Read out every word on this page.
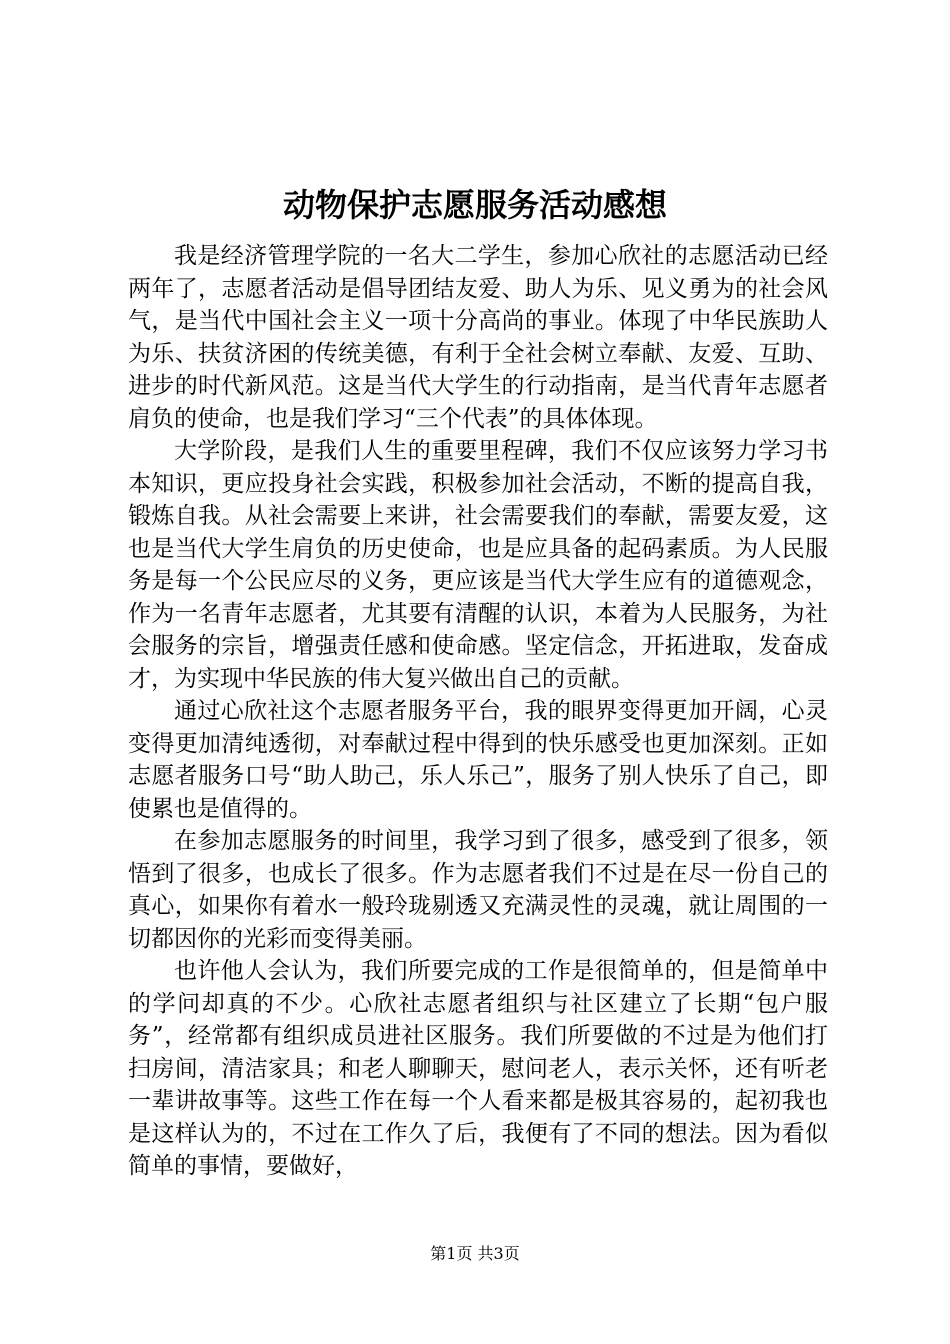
动物保护志愿服务活动感想

我是经济管理学院的一名大二学生，参加心欣社的志愿活动已经两年了，志愿者活动是倡导团结友爱、助人为乐、见义勇为的社会风气，是当代中国社会主义一项十分高尚的事业。体现了中华民族助人为乐、扶贫济困的传统美德，有利于全社会树立奉献、友爱、互助、进步的时代新风范。这是当代大学生的行动指南，是当代青年志愿者肩负的使命，也是我们学习“三个代表”的具体体现。

大学阶段，是我们人生的重要里程碑，我们不仅应该努力学习书本知识，更应投身社会实践，积极参加社会活动，不断的提高自我，锻炼自我。从社会需要上来讲，社会需要我们的奉献，需要友爱，这也是当代大学生肩负的历史使命，也是应具备的起码素质。为人民服务是每一个公民应尽的义务，更应该是当代大学生应有的道德观念，作为一名青年志愿者，尤其要有清醒的认识，本着为人民服务，为社会服务的宗旨，增强责任感和使命感。坚定信念，开拓进取，发奋成才，为实现中华民族的伟大复兴做出自己的贡献。

通过心欣社这个志愿者服务平台，我的眼界变得更加开阔，心灵变得更加清纯透彻，对奉献过程中得到的快乐感受也更加深刻。正如志愿者服务口号“助人助己，乐人乐己”，服务了别人快乐了自己，即使累也是值得的。

在参加志愿服务的时间里，我学习到了很多，感受到了很多，领悟到了很多，也成长了很多。作为志愿者我们不过是在尽一份自己的真心，如果你有着水一般玲珑剔透又充满灵性的灵魂，就让周围的一切都因你的光彩而变得美丽。

也许他人会认为，我们所要完成的工作是很简单的，但是简单中的学问却真的不少。心欣社志愿者组织与社区建立了长期“包户服务”，经常都有组织成员进社区服务。我们所要做的不过是为他们打扫房间，清洁家具；和老人聊聊天，慰问老人，表示关怀，还有听老一辈讲故事等。这些工作在每一个人看来都是极其容易的，起初我也是这样认为的，不过在工作久了后，我便有了不同的想法。因为看似简单的事情，要做好，

第1页 共3页
